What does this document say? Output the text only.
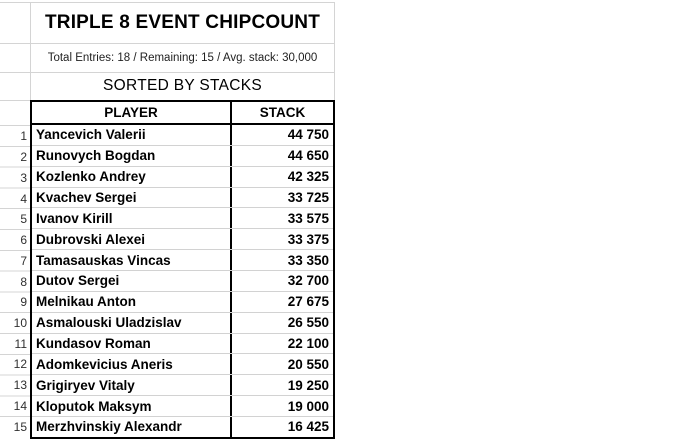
TRIPLE 8 EVENT CHIPCOUNT
Total Entries: 18 / Remaining: 15 / Avg. stack: 30,000
SORTED BY STACKS
1
2
3
4
5
6
7
8
9
10
11
12
13
14
15
PLAYER	STACK
Yancevich Valerii	44 750
Runovych Bogdan	44 650
Kozlenko Andrey	42 325
Kvachev Sergei	33 725
Ivanov Kirill	33 575
Dubrovski Alexei	33 375
Tamasauskas Vincas	33 350
Dutov Sergei	32 700
Melnikau Anton	27 675
Asmalouski Uladzislav	26 550
Kundasov Roman	22 100
Adomkevicius Aneris	20 550
Grigiryev Vitaly	19 250
Kloputok Maksym	19 000
Merzhvinskiy Alexandr	16 425
